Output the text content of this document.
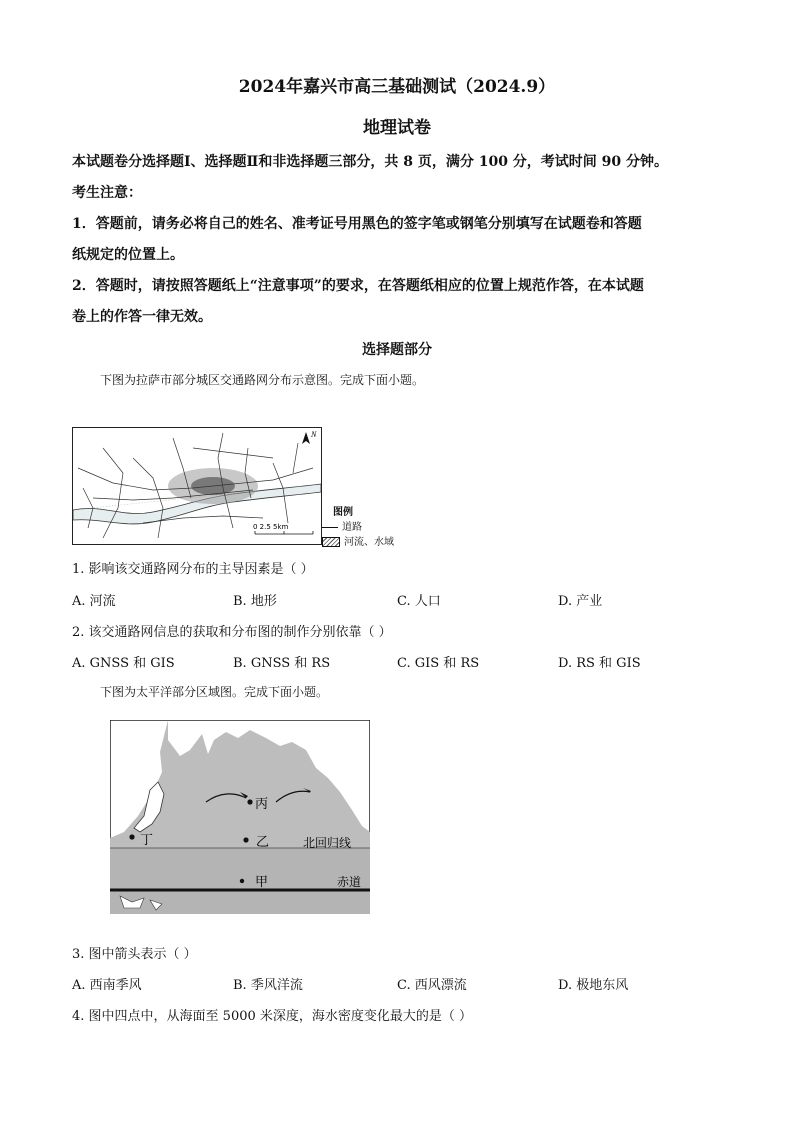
2024年嘉兴市高三基础测试（2024.9）
地理试卷
本试题卷分选择题Ⅰ、选择题Ⅱ和非选择题三部分，共 8 页，满分 100 分，考试时间 90 分钟。
考生注意：
1．答题前，请务必将自己的姓名、准考证号用黑色的签字笔或钢笔分别填写在试题卷和答题
纸规定的位置上。
2．答题时，请按照答题纸上“注意事项”的要求，在答题纸相应的位置上规范作答，在本试题
卷上的作答一律无效。
选择题部分
下图为拉萨市部分城区交通路网分布示意图。完成下面小题。
N
0 2.5 5km
图例
道路
河流、水域
1. 影响该交通路网分布的主导因素是（ ）
A. 河流	B. 地形	C. 人口	D. 产业
2. 该交通路网信息的获取和分布图的制作分别依靠（ ）
A. GNSS 和 GIS	B. GNSS 和 RS	C. GIS 和 RS	D. RS 和 GIS
下图为太平洋部分区域图。完成下面小题。
丙
乙
甲
丁	北回归线
赤道
3. 图中箭头表示（ ）
A. 西南季风	B. 季风洋流	C. 西风漂流	D. 极地东风
4. 图中四点中，从海面至 5000 米深度，海水密度变化最大的是（ ）
